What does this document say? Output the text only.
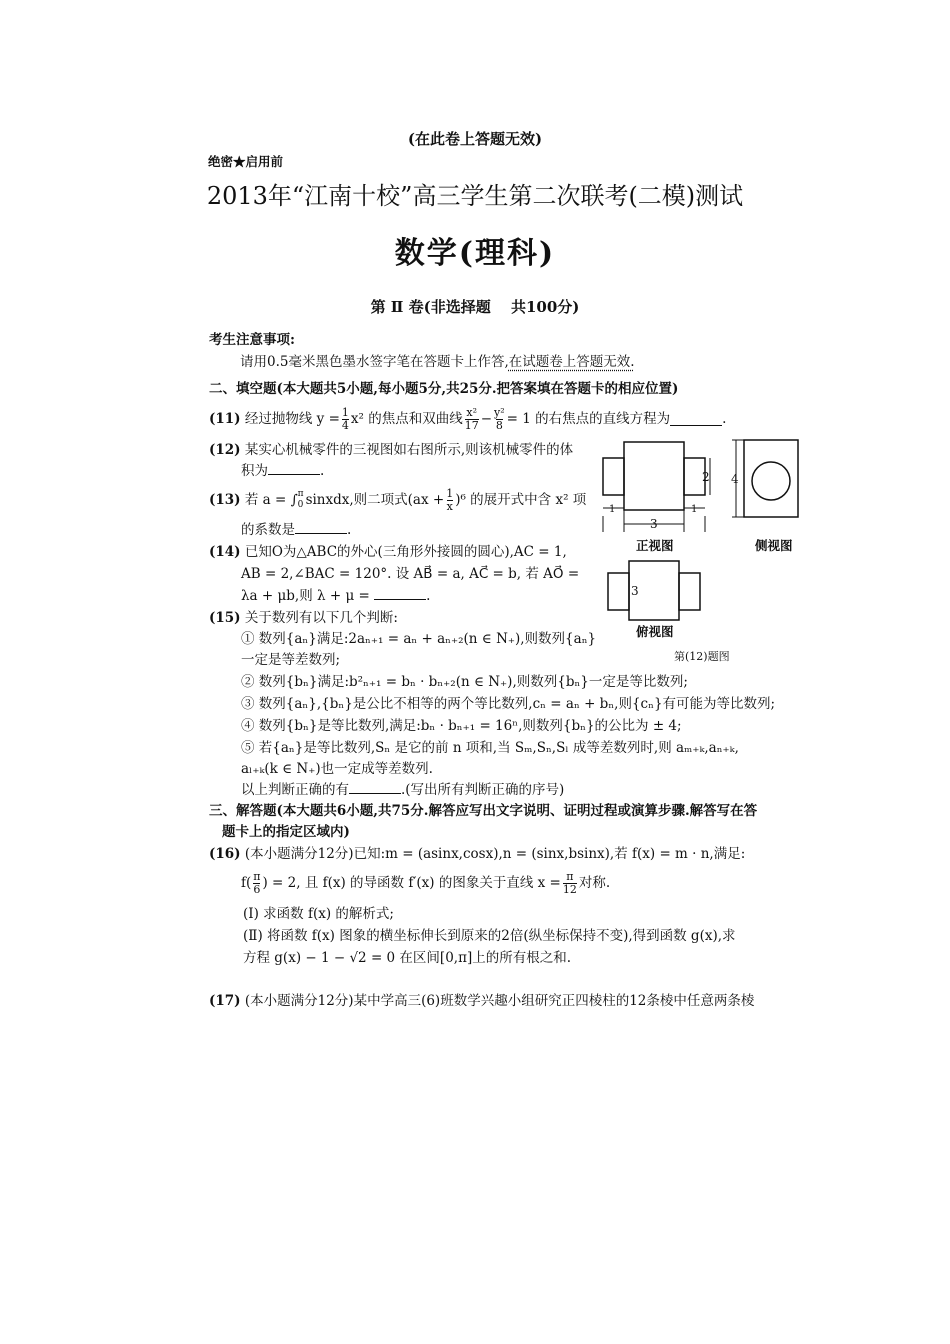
(在此卷上答题无效)
绝密★启用前
2013年“江南十校”高三学生第二次联考(二模)测试
数学(理科)
第 Ⅱ 卷(非选择题　 共100分)
考生注意事项:
请用0.5毫米黑色墨水签字笔在答题卡上作答,在试题卷上答题无效.
二、填空题(本大题共5小题,每小题5分,共25分.把答案填在答题卡的相应位置)
(11)
经过抛物线 $y = \frac{1}{4} x^2$ 的焦点和双曲线 $\frac{\text{x²}}{17} - \frac{\text{y²}}{8} = 1$ 的右焦点的直线方程为	.
(12) 某实心机械零件的三视图如右图所示,则该机械零件的体
积为	.
(13)
若 a = ∫ π
0 sinxdx,则二项式$(ax + \frac{1}{x} )^6$ 的展开式中含 x² 项
的系数是	.
(14) 已知O为△ABC的外心(三角形外接圆的圆心),AC = 1,
AB = 2,∠BAC = 120°. 设 AB⃗ = a, AC⃗ = b, 若 AO⃗ =
λa + μb,则 λ + μ =	.
(15) 关于数列有以下几个判断:
① 数列{aₙ}满足:2aₙ₊₁ = aₙ + aₙ₊₂(n ∈ N₊),则数列{aₙ}
一定是等差数列;
② 数列{bₙ}满足:b²ₙ₊₁ = bₙ · bₙ₊₂(n ∈ N₊),则数列{bₙ}一定是等比数列;
③ 数列{aₙ},{bₙ}是公比不相等的两个等比数列,cₙ = aₙ + bₙ,则{cₙ}有可能为等比数列;
④ 数列{bₙ}是等比数列,满足:bₙ · bₙ₊₁ = 16ⁿ,则数列{bₙ}的公比为 ± 4;
⑤ 若{aₙ}是等比数列,Sₙ 是它的前 n 项和,当 Sₘ,Sₙ,Sₗ 成等差数列时,则 aₘ₊ₖ,aₙ₊ₖ,
aₗ₊ₖ(k ∈ N₊)也一定成等差数列.
以上判断正确的有	.(写出所有判断正确的序号)
三、解答题(本大题共6小题,共75分.解答应写出文字说明、证明过程或演算步骤.解答写在答
题卡上的指定区域内)
(16) (本小题满分12分)已知:m = (asinx,cosx),n = (sinx,bsinx),若 f(x) = m · n,满足:
$f( \frac{\pi}{6}$ ) = 2, 且 f(x) 的导函数 f′(x) 的图象关于直线 $x = \frac{\pi}{12}$ 对称.
(Ⅰ) 求函数 f(x) 的解析式;
(Ⅱ) 将函数 f(x) 图象的横坐标伸长到原来的2倍(纵坐标保持不变),得到函数 g(x),求
方程 g(x) − 1 − √2 = 0 在区间[0,π]上的所有根之和.
(17) (本小题满分12分)某中学高三(6)班数学兴趣小组研究正四棱柱的12条棱中任意两条棱
4
2
3
1	1
3
正视图	侧视图
俯视图
第(12)题图
